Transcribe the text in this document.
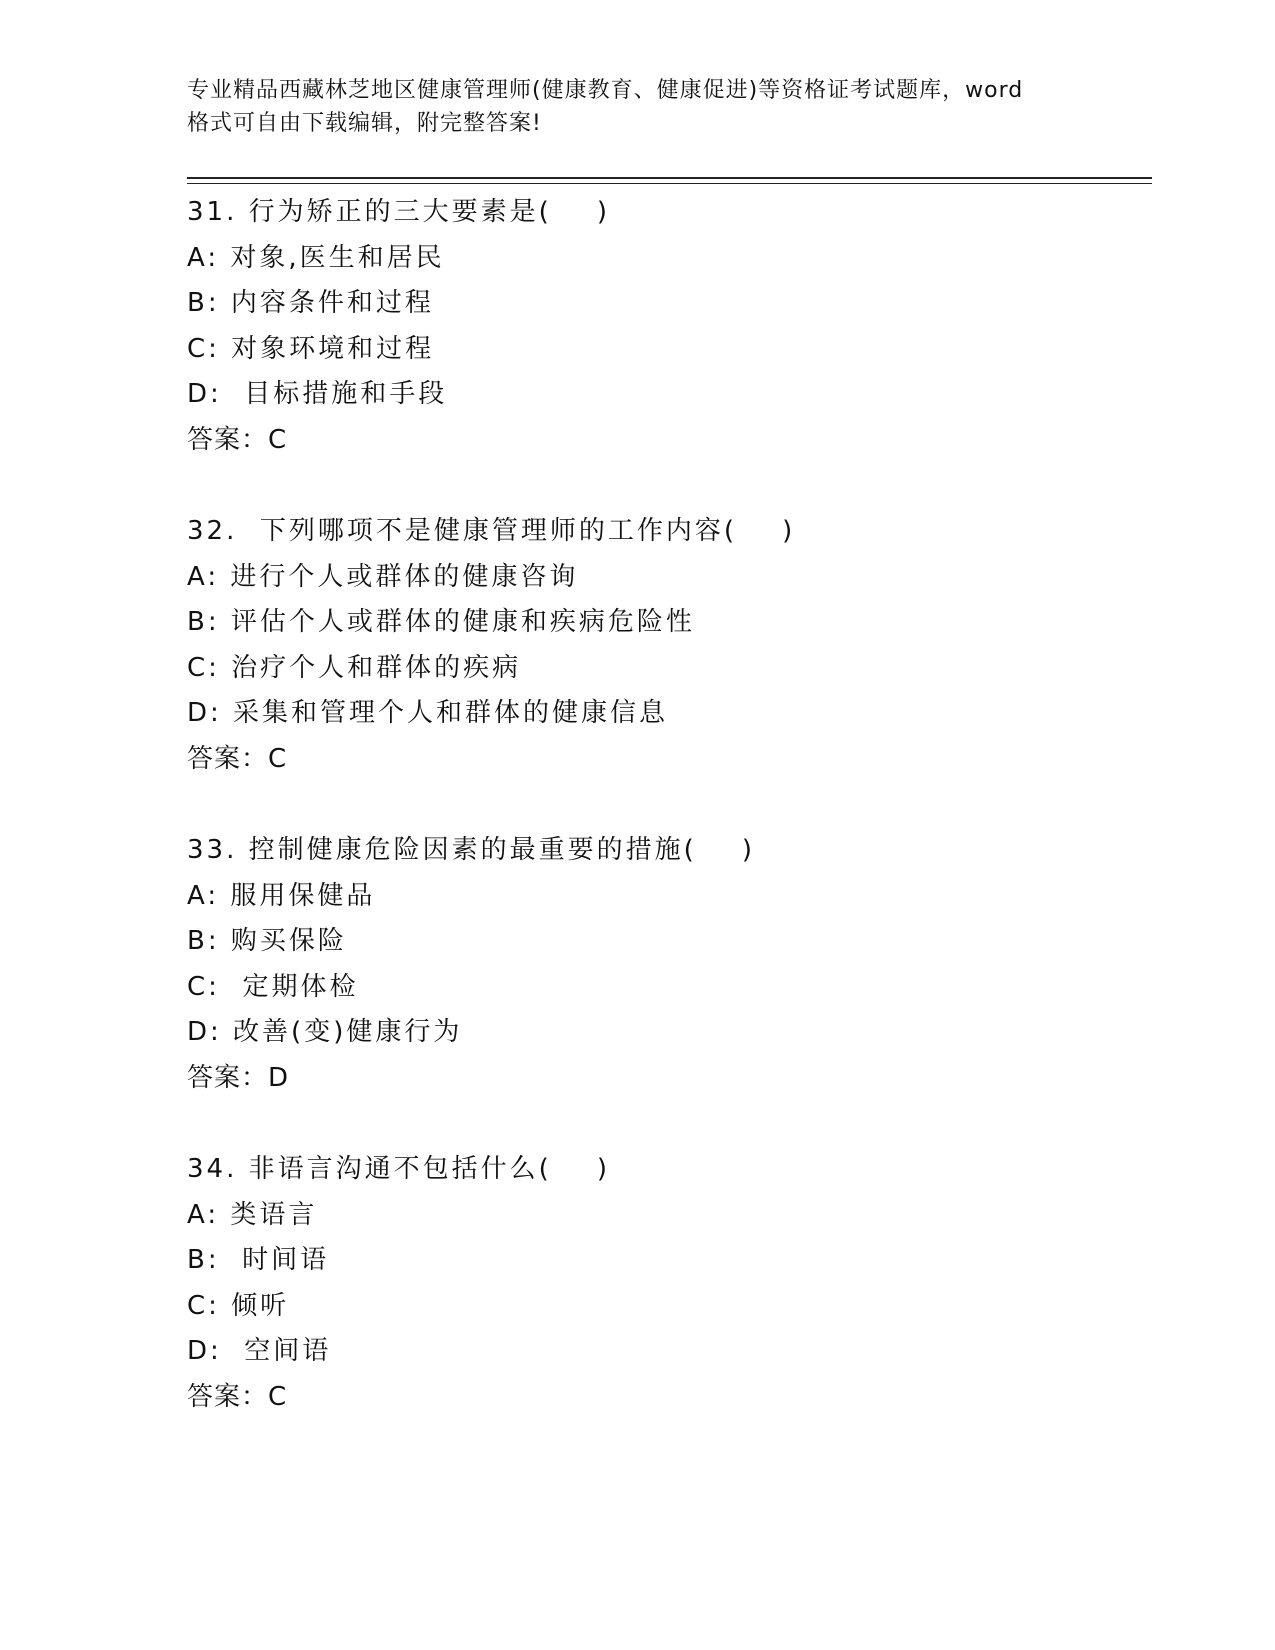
专业精品西藏林芝地区健康管理师(健康教育、健康促进)等资格证考试题库，word
格式可自由下载编辑，附完整答案!
31. 行为矫正的三大要素是(    )
A: 对象,医生和居民
B: 内容条件和过程
C: 对象环境和过程
D:  目标措施和手段
答案：C
32.  下列哪项不是健康管理师的工作内容(    )
A: 进行个人或群体的健康咨询
B: 评估个人或群体的健康和疾病危险性
C: 治疗个人和群体的疾病
D: 采集和管理个人和群体的健康信息
答案：C
33. 控制健康危险因素的最重要的措施(    )
A: 服用保健品
B: 购买保险
C:  定期体检
D: 改善(变)健康行为
答案：D
34. 非语言沟通不包括什么(    )
A: 类语言
B:  时间语
C: 倾听
D:  空间语
答案：C
